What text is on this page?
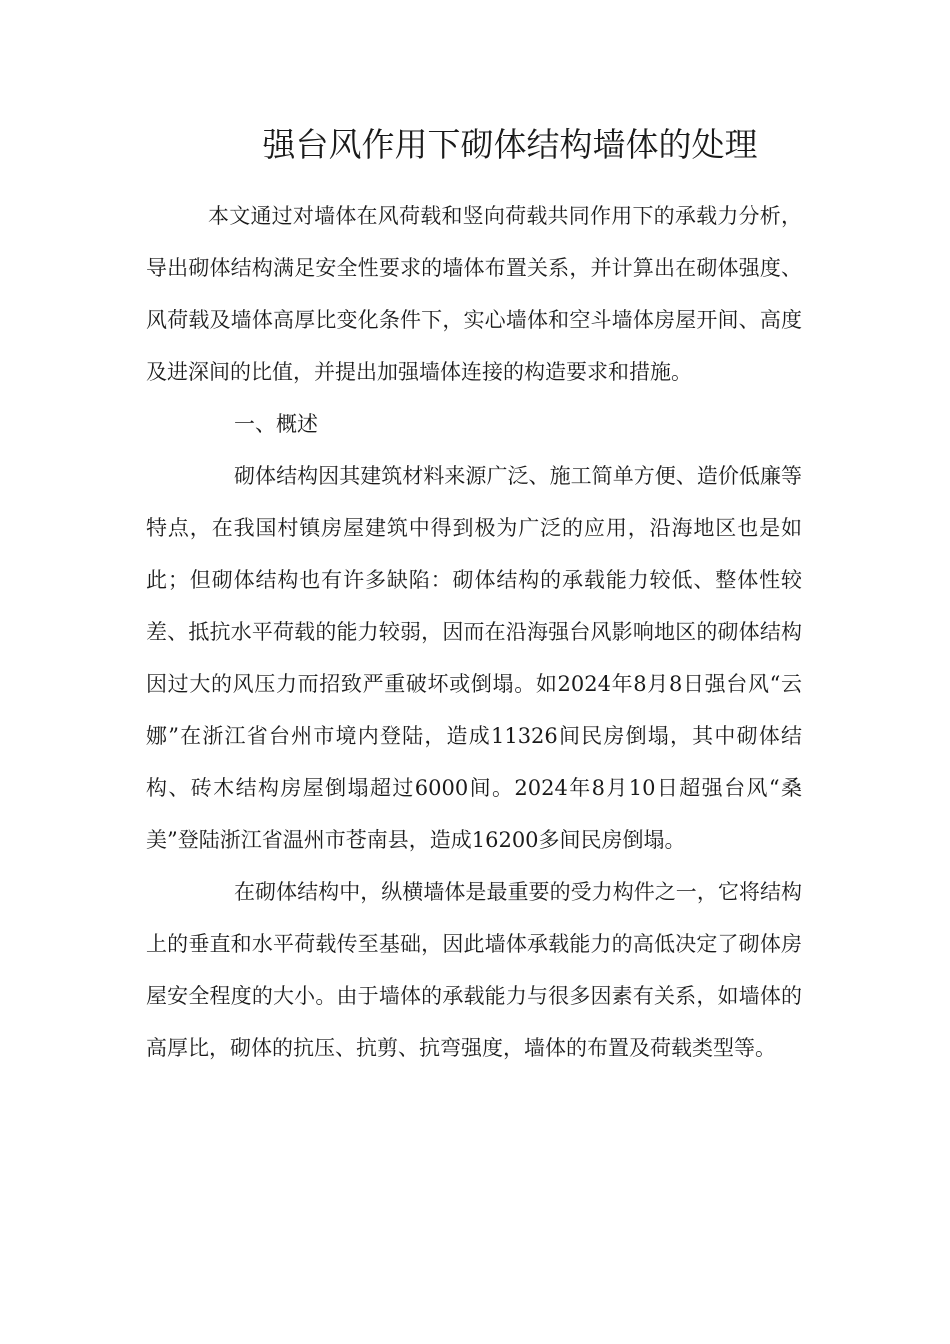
强台风作用下砌体结构墙体的处理

本文通过对墙体在风荷载和竖向荷载共同作用下的承载力分析，导出砌体结构满足安全性要求的墙体布置关系，并计算出在砌体强度、风荷载及墙体高厚比变化条件下，实心墙体和空斗墙体房屋开间、高度及进深间的比值，并提出加强墙体连接的构造要求和措施。

一、概述

砌体结构因其建筑材料来源广泛、施工简单方便、造价低廉等特点，在我国村镇房屋建筑中得到极为广泛的应用，沿海地区也是如此；但砌体结构也有许多缺陷：砌体结构的承载能力较低、整体性较差、抵抗水平荷载的能力较弱，因而在沿海强台风影响地区的砌体结构因过大的风压力而招致严重破坏或倒塌。如2024年8月8日强台风“云娜”在浙江省台州市境内登陆，造成11326间民房倒塌，其中砌体结构、砖木结构房屋倒塌超过6000间。2024年8月10日超强台风“桑美”登陆浙江省温州市苍南县，造成16200多间民房倒塌。

在砌体结构中，纵横墙体是最重要的受力构件之一，它将结构上的垂直和水平荷载传至基础，因此墙体承载能力的高低决定了砌体房屋安全程度的大小。由于墙体的承载能力与很多因素有关系，如墙体的高厚比，砌体的抗压、抗剪、抗弯强度，墙体的布置及荷载类型等。
